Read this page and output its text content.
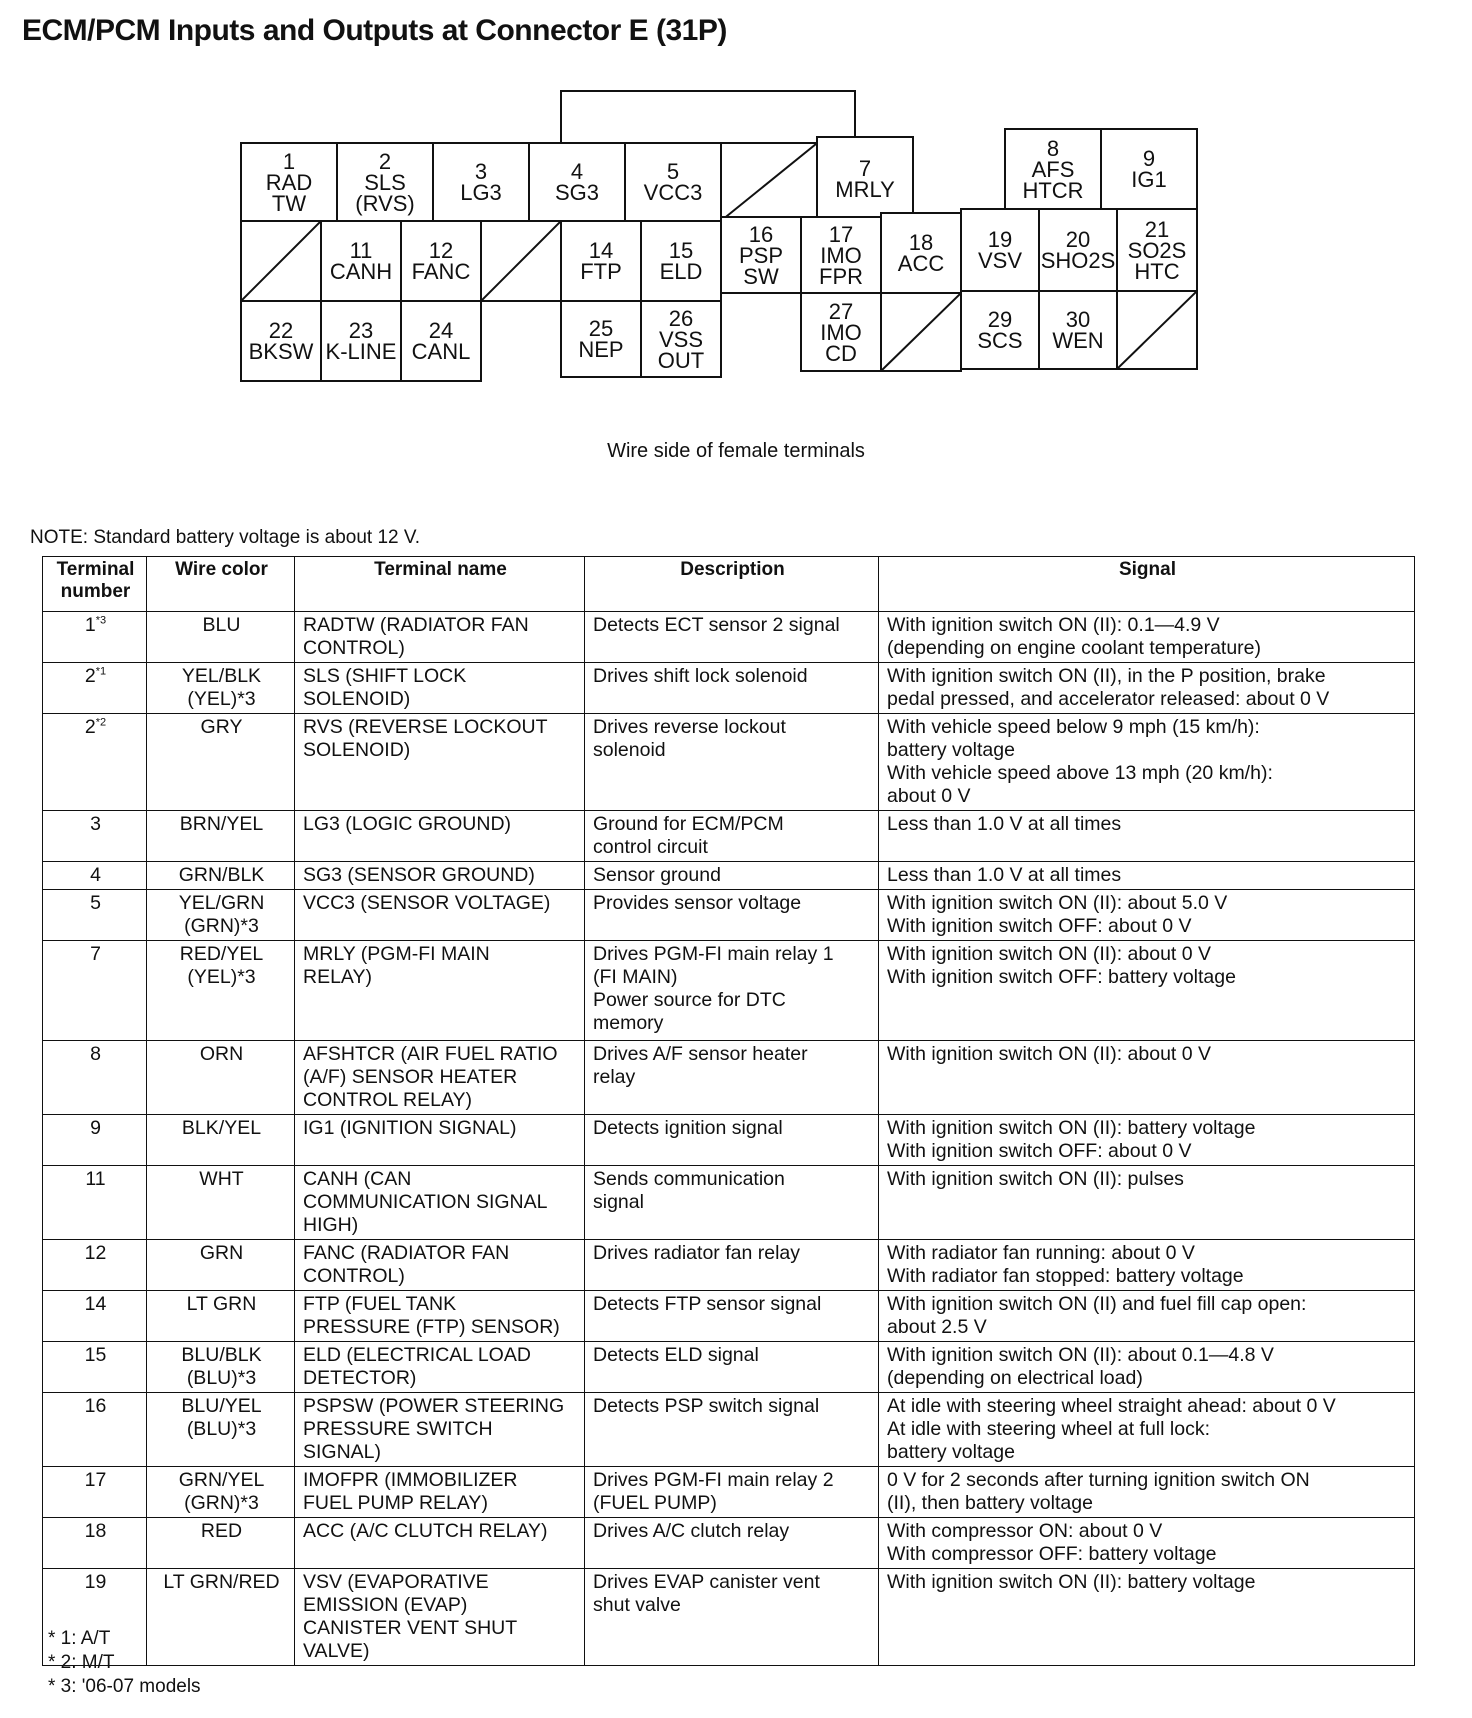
ECM/PCM Inputs and Outputs at Connector E (31P)
1
RAD
TW
2
SLS
(RVS)
3
LG3
4
SG3
5
VCC3
7
MRLY
8
AFS
HTCR
9
IG1
11
CANH
12
FANC
14
FTP
15
ELD
16
PSP
SW
17
IMO
FPR
18
ACC
19
VSV
20
SHO2S
21
SO2S
HTC
22
BKSW
23
K-LINE
24
CANL
25
NEP
26
VSS
OUT
27
IMO
CD
29
SCS
30
WEN
Wire side of female terminals
NOTE: Standard battery voltage is about 12 V.
Terminal number	Wire color	Terminal name	Description	Signal
1$^{*3}$	BLU	RADTW (RADIATOR FAN
CONTROL)	Detects ECT sensor 2 signal	With ignition switch ON (II): 0.1—4.9 V
(depending on engine coolant temperature)

2$^{*1}$	YEL/BLK
(YEL)*3	SLS (SHIFT LOCK
SOLENOID)	Drives shift lock solenoid	With ignition switch ON (II), in the P position, brake
pedal pressed, and accelerator released: about 0 V

2$^{*2}$	GRY	RVS (REVERSE LOCKOUT
SOLENOID)	Drives reverse lockout
solenoid	With vehicle speed below 9 mph (15 km/h):
battery voltage
With vehicle speed above 13 mph (20 km/h):
about 0 V

3	BRN/YEL	LG3 (LOGIC GROUND)	Ground for ECM/PCM
control circuit	Less than 1.0 V at all times

4	GRN/BLK	SG3 (SENSOR GROUND)	Sensor ground	Less than 1.0 V at all times

5	YEL/GRN
(GRN)*3	VCC3 (SENSOR VOLTAGE)	Provides sensor voltage	With ignition switch ON (II): about 5.0 V
With ignition switch OFF: about 0 V

7	RED/YEL
(YEL)*3	MRLY (PGM-FI MAIN
RELAY)	Drives PGM-FI main relay 1
(FI MAIN)
Power source for DTC
memory	With ignition switch ON (II): about 0 V
With ignition switch OFF: battery voltage

8	ORN	AFSHTCR (AIR FUEL RATIO
(A/F) SENSOR HEATER
CONTROL RELAY)	Drives A/F sensor heater
relay	With ignition switch ON (II): about 0 V

9	BLK/YEL	IG1 (IGNITION SIGNAL)	Detects ignition signal	With ignition switch ON (II): battery voltage
With ignition switch OFF: about 0 V

11	WHT	CANH (CAN
COMMUNICATION SIGNAL
HIGH)	Sends communication
signal	With ignition switch ON (II): pulses

12	GRN	FANC (RADIATOR FAN
CONTROL)	Drives radiator fan relay	With radiator fan running: about 0 V
With radiator fan stopped: battery voltage

14	LT GRN	FTP (FUEL TANK
PRESSURE (FTP) SENSOR)	Detects FTP sensor signal	With ignition switch ON (II) and fuel fill cap open:
about 2.5 V

15	BLU/BLK
(BLU)*3	ELD (ELECTRICAL LOAD
DETECTOR)	Detects ELD signal	With ignition switch ON (II): about 0.1—4.8 V
(depending on electrical load)

16	BLU/YEL
(BLU)*3	PSPSW (POWER STEERING
PRESSURE SWITCH
SIGNAL)	Detects PSP switch signal	At idle with steering wheel straight ahead: about 0 V
At idle with steering wheel at full lock:
battery voltage

17	GRN/YEL
(GRN)*3	IMOFPR (IMMOBILIZER
FUEL PUMP RELAY)	Drives PGM-FI main relay 2
(FUEL PUMP)	0 V for 2 seconds after turning ignition switch ON
(II), then battery voltage

18	RED	ACC (A/C CLUTCH RELAY)	Drives A/C clutch relay	With compressor ON: about 0 V
With compressor OFF: battery voltage

19	LT GRN/RED	VSV (EVAPORATIVE
EMISSION (EVAP)
CANISTER VENT SHUT
VALVE)	Drives EVAP canister vent
shut valve	With ignition switch ON (II): battery voltage
* 1: A/T
* 2: M/T
* 3: '06-07 models
